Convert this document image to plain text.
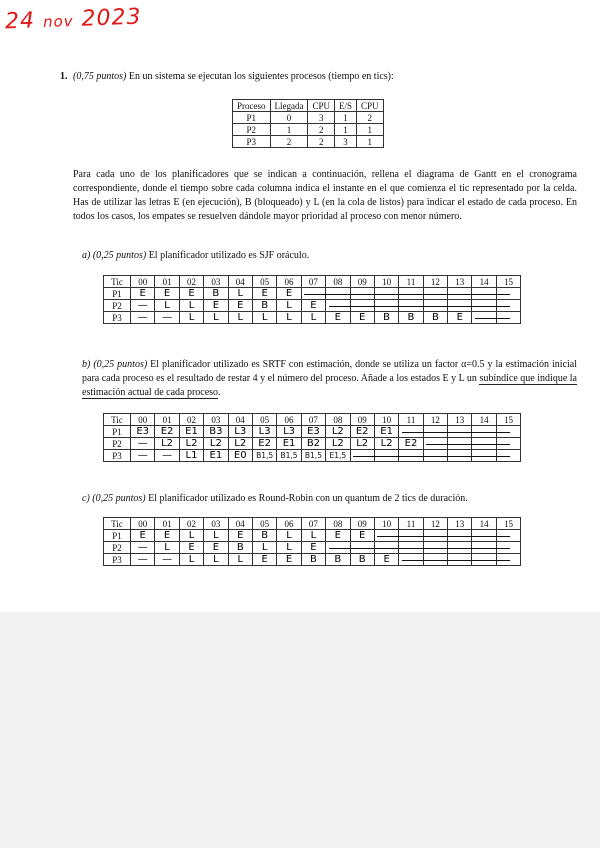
24 nov 2023
1. (0,75 puntos) En un sistema se ejecutan los siguientes procesos (tiempo en tics):
Proceso	Llegada	CPU	E/S	CPU
P1	0	3	1	2
P2	1	2	1	1
P3	2	2	3	1
Para cada uno de los planificadores que se indican a continuación, rellena el diagrama de Gantt en el cronograma correspondiente, donde el tiempo sobre cada columna indica el instante en el que comienza el tic representado por la celda. Has de utilizar las letras E (en ejecución), B (bloqueado) y L (en la cola de listos) para indicar el estado de cada proceso. En todos los casos, los empates se resuelven dándole mayor prioridad al proceso con menor número.
a) (0,25 puntos) El planificador utilizado es SJF oráculo.
Tic	00	01	02	03	04	05	06	07	08	09	10	11	12	13	14	15
P1	E	E	E	B	L	E	E									
P2	—	L	L	E	E	B	L	E								
P3	—	—	L	L	L	L	L	L	E	E	B	B	B	E		
b) (0,25 puntos) El planificador utilizado es SRTF con estimación, donde se utiliza un factor α=0.5 y la estimación inicial para cada proceso es el resultado de restar 4 y el número del proceso. Añade a los estados E y L un subíndice que indique la estimación actual de cada proceso.
Tic	00	01	02	03	04	05	06	07	08	09	10	11	12	13	14	15
P1	E3	E2	E1	B3	L3	L3	L3	E3	L2	E2	E1					
P2	—	L2	L2	L2	L2	E2	E1	B2	L2	L2	L2	E2				
P3	—	—	L1	E1	E0	B1,5	B1,5	B1,5	E1,5							
c) (0,25 puntos) El planificador utilizado es Round-Robin con un quantum de 2 tics de duración.
Tic	00	01	02	03	04	05	06	07	08	09	10	11	12	13	14	15
P1	E	E	L	L	E	B	L	L	E	E						
P2	—	L	E	E	B	L	L	E								
P3	—	—	L	L	L	E	E	B	B	B	E					
